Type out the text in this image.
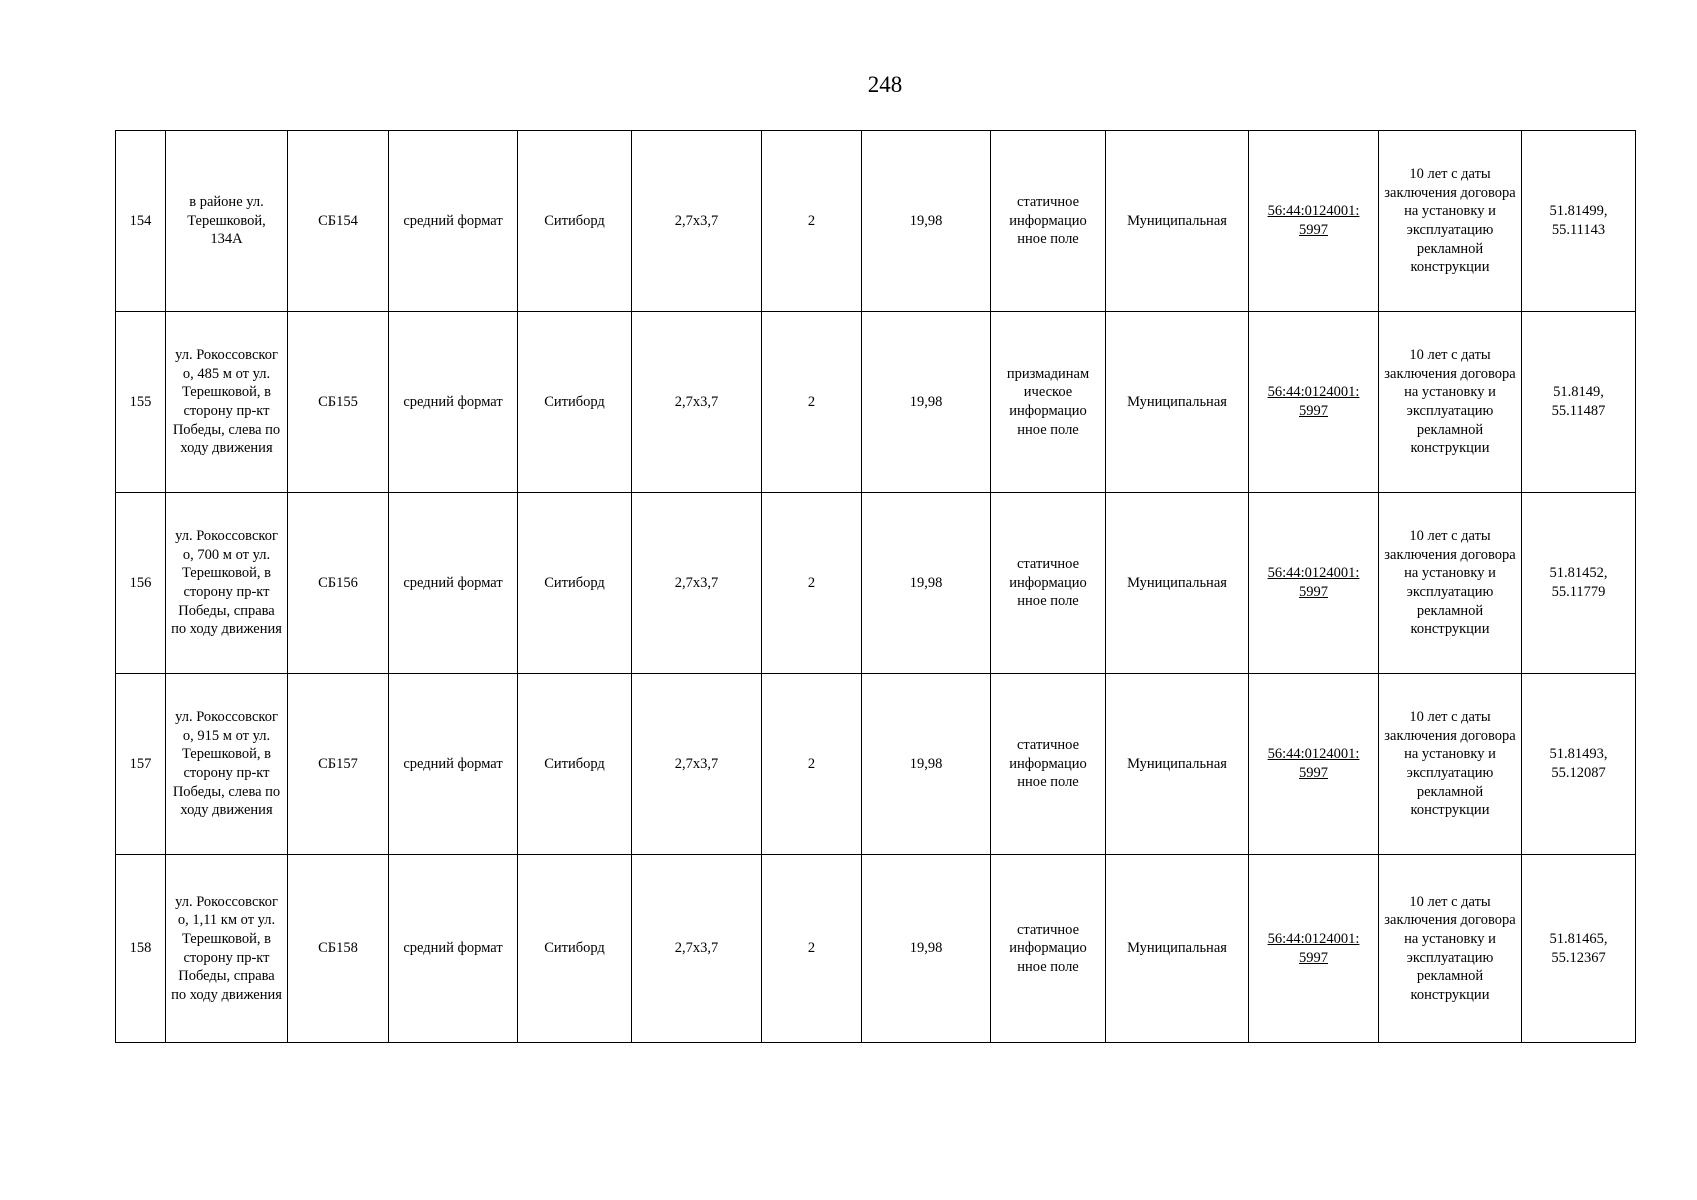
248
154	в районе ул. Терешковой, 134А	СБ154	средний формат	Ситиборд	2,7х3,7	2	19,98	статичное информацио нное поле	Муниципальная	56:44:0124001: 5997	10 лет с даты заключения договора на установку и эксплуатацию рекламной конструкции	51.81499, 55.11143
155	ул. Рокоссовског о, 485 м от ул. Терешковой, в сторону пр-кт Победы, слева по ходу движения	СБ155	средний формат	Ситиборд	2,7х3,7	2	19,98	призмадинам ическое информацио нное поле	Муниципальная	56:44:0124001: 5997	10 лет с даты заключения договора на установку и эксплуатацию рекламной конструкции	51.8149, 55.11487
156	ул. Рокоссовског о, 700 м от ул. Терешковой, в сторону пр-кт Победы, справа по ходу движения	СБ156	средний формат	Ситиборд	2,7х3,7	2	19,98	статичное информацио нное поле	Муниципальная	56:44:0124001: 5997	10 лет с даты заключения договора на установку и эксплуатацию рекламной конструкции	51.81452, 55.11779
157	ул. Рокоссовског о, 915 м от ул. Терешковой, в сторону пр-кт Победы, слева по ходу движения	СБ157	средний формат	Ситиборд	2,7х3,7	2	19,98	статичное информацио нное поле	Муниципальная	56:44:0124001: 5997	10 лет с даты заключения договора на установку и эксплуатацию рекламной конструкции	51.81493, 55.12087
158	ул. Рокоссовског о, 1,11 км от ул. Терешковой, в сторону пр-кт Победы, справа по ходу движения	СБ158	средний формат	Ситиборд	2,7х3,7	2	19,98	статичное информацио нное поле	Муниципальная	56:44:0124001: 5997	10 лет с даты заключения договора на установку и эксплуатацию рекламной конструкции	51.81465, 55.12367
